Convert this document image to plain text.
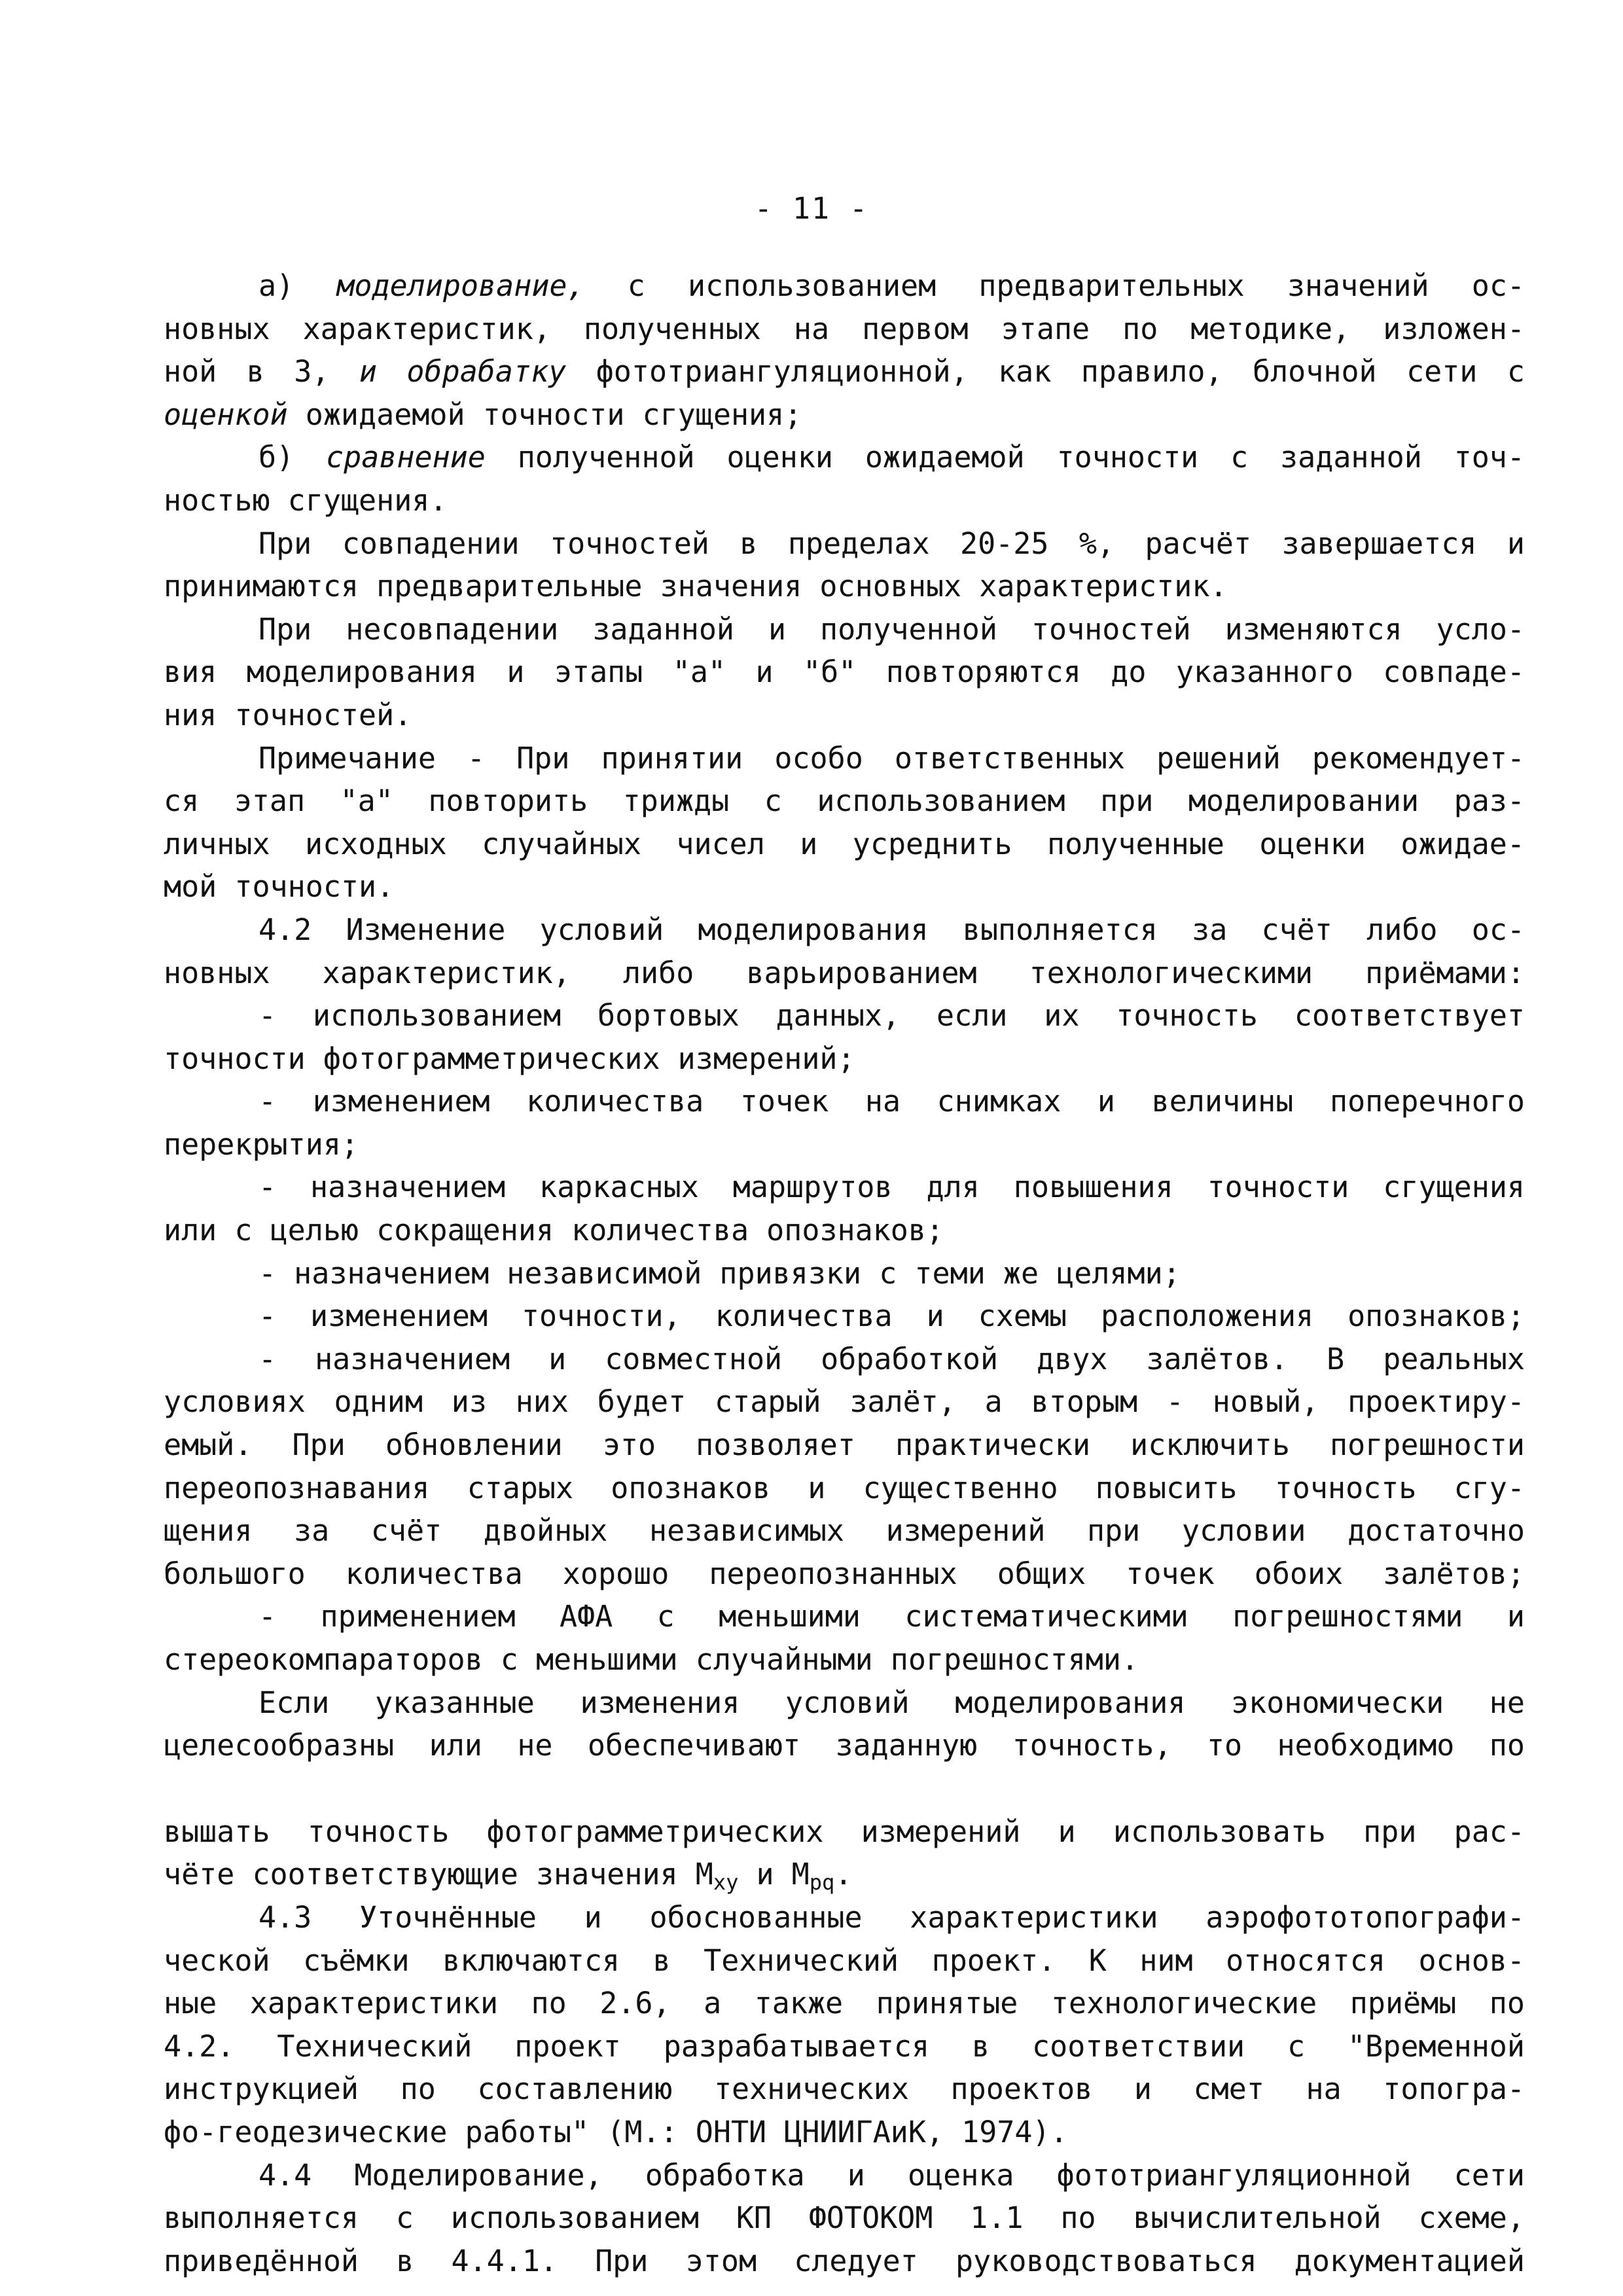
- 11 -
а) моделирование, с использованием предварительных значений ос-
новных характеристик, полученных на первом этапе по методике, изложен-
ной в 3, и обрабатку фототриангуляционной, как правило, блочной сети с
оценкой ожидаемой точности сгущения;
б) сравнение полученной оценки ожидаемой точности с заданной точ-
ностью сгущения.
При совпадении точностей в пределах 20-25 %, расчёт завершается и
принимаются предварительные значения основных характеристик.
При несовпадении заданной и полученной точностей изменяются усло-
вия моделирования и этапы "а" и "б" повторяются до указанного совпаде-
ния точностей.
Примечание - При принятии особо ответственных решений рекомендует-
ся этап "а" повторить трижды с использованием при моделировании раз-
личных исходных случайных чисел и усреднить полученные оценки ожидае-
мой точности.
4.2 Изменение условий моделирования выполняется за счёт либо ос-
новных характеристик, либо варьированием технологическими приёмами:
- использованием бортовых данных, если их точность соответствует
точности фотограмметрических измерений;
- изменением количества точек на снимках и величины поперечного
перекрытия;
- назначением каркасных маршрутов для повышения точности сгущения
или с целью сокращения количества опознаков;
- назначением независимой привязки с теми же целями;
- изменением точности, количества и схемы расположения опознаков;
- назначением и совместной обработкой двух залётов. В реальных
условиях одним из них будет старый залёт, а вторым - новый, проектиру-
емый. При обновлении это позволяет практически исключить погрешности
переопознавания старых опознаков и существенно повысить точность сгу-
щения за счёт двойных независимых измерений при условии достаточно
большого количества хорошо переопознанных общих точек обоих залётов;
- применением АФА с меньшими систематическими погрешностями и
стереокомпараторов с меньшими случайными погрешностями.
Если указанные изменения условий моделирования экономически не
целесообразны или не обеспечивают заданную точность, то необходимо по
вышать точность фотограмметрических измерений и использовать при рас-
чёте соответствующие значения $M_{xy}$ и $M_{pq}$.
4.3 Уточнённые и обоснованные характеристики аэрофототопографи-
ческой съёмки включаются в Технический проект. К ним относятся основ-
ные характеристики по 2.6, а также принятые технологические приёмы по
4.2. Технический проект разрабатывается в соответствии с "Временной
инструкцией по составлению технических проектов и смет на топогра-
фо-геодезические работы" (М.: ОНТИ ЦНИИГАиК, 1974).
4.4 Моделирование, обработка и оценка фототриангуляционной сети
выполняется с использованием КП ФОТОКОМ 1.1 по вычислительной схеме,
приведённой в 4.4.1. При этом следует руководствоваться документацией
